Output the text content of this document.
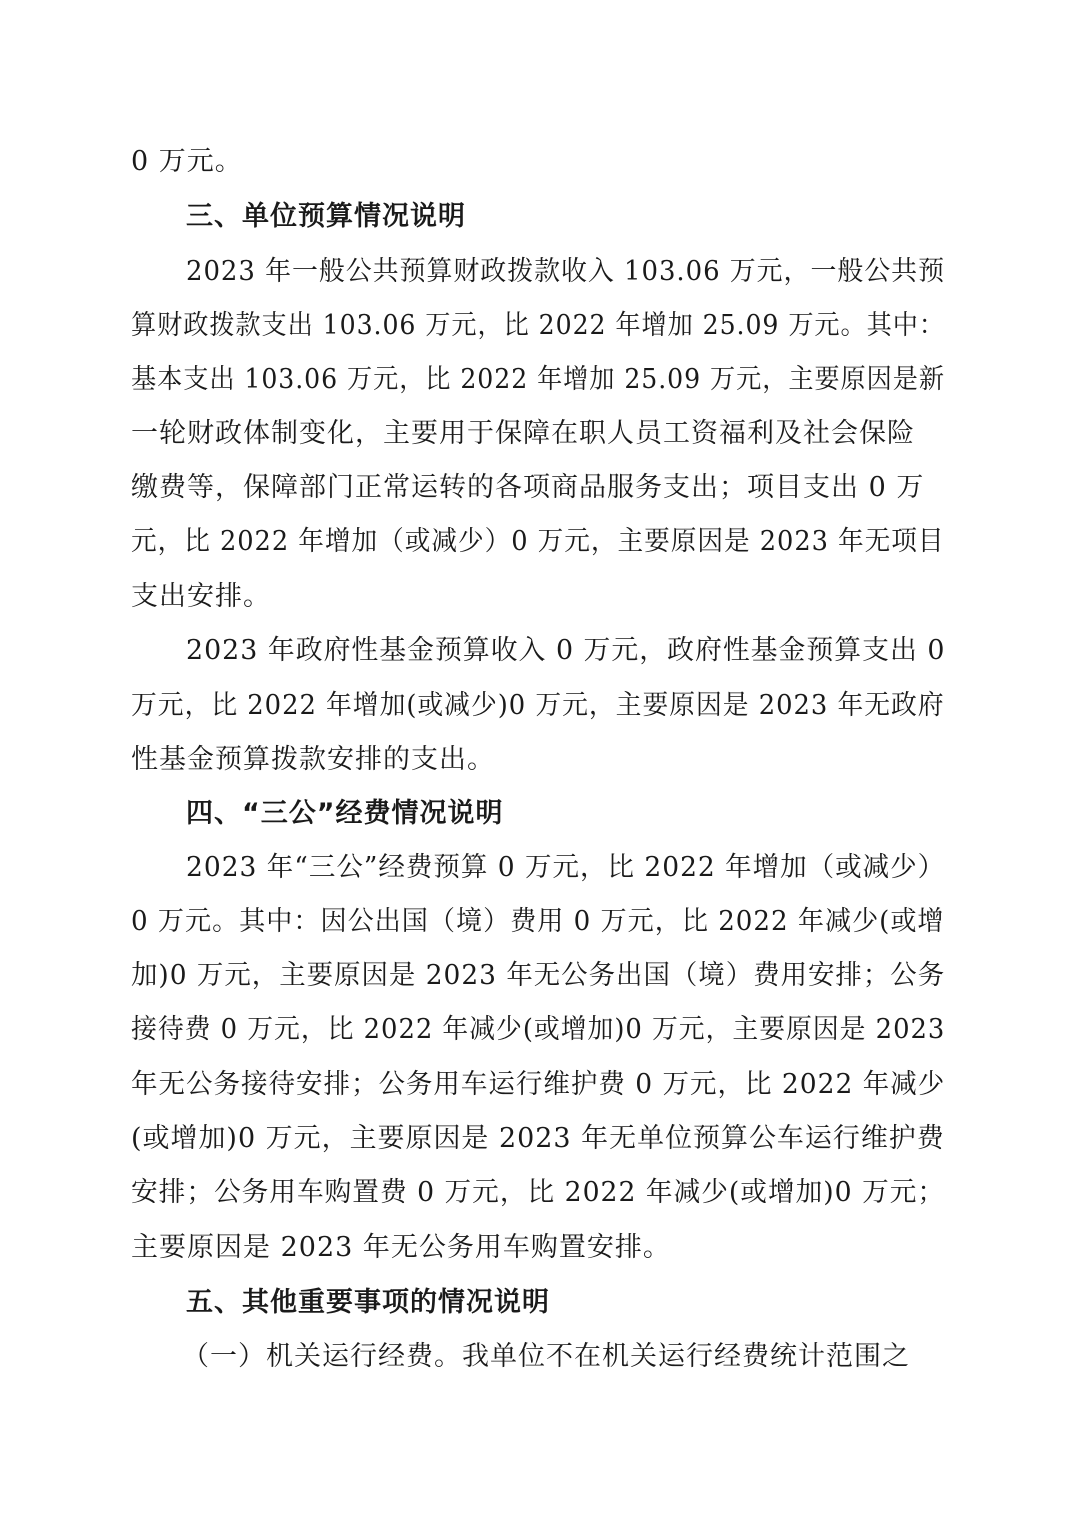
0 万元。
三、单位预算情况说明
2023 年一般公共预算财政拨款收入 103.06 万元，一般公共预
算财政拨款支出 103.06 万元，比 2022 年增加 25.09 万元。其中：
基本支出 103.06 万元，比 2022 年增加 25.09 万元，主要原因是新
一轮财政体制变化，主要用于保障在职人员工资福利及社会保险
缴费等，保障部门正常运转的各项商品服务支出；项目支出 0 万
元，比 2022 年增加（或减少）0 万元，主要原因是 2023 年无项目
支出安排。
2023 年政府性基金预算收入 0 万元，政府性基金预算支出 0
万元，比 2022 年增加(或减少)0 万元，主要原因是 2023 年无政府
性基金预算拨款安排的支出。
四、“三公”经费情况说明
2023 年“三公”经费预算 0 万元，比 2022 年增加（或减少）
0 万元。其中：因公出国（境）费用 0 万元，比 2022 年减少(或增
加)0 万元，主要原因是 2023 年无公务出国（境）费用安排；公务
接待费 0 万元，比 2022 年减少(或增加)0 万元，主要原因是 2023
年无公务接待安排；公务用车运行维护费 0 万元，比 2022 年减少
(或增加)0 万元，主要原因是 2023 年无单位预算公车运行维护费
安排；公务用车购置费 0 万元，比 2022 年减少(或增加)0 万元；
主要原因是 2023 年无公务用车购置安排。
五、其他重要事项的情况说明
（一）机关运行经费。我单位不在机关运行经费统计范围之
